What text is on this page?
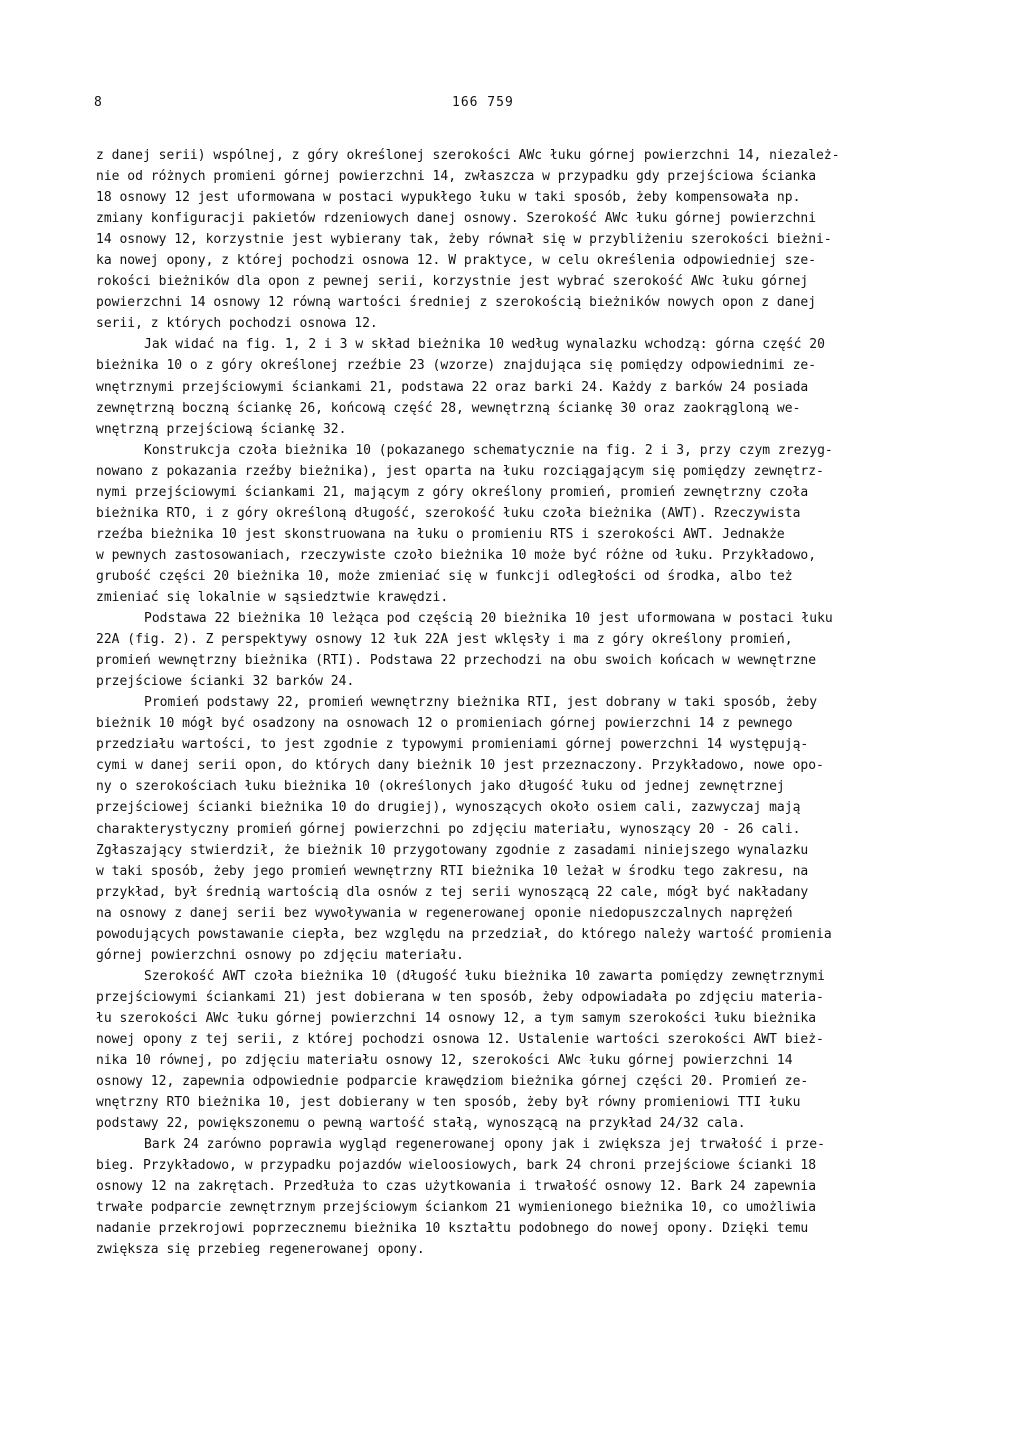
8	166 759
z danej serii) wspólnej, z góry określonej szerokości AWc łuku górnej powierzchni 14, niezależ-
nie od różnych promieni górnej powierzchni 14, zwłaszcza w przypadku gdy przejściowa ścianka
18 osnowy 12 jest uformowana w postaci wypukłego łuku w taki sposób, żeby kompensowała np.
zmiany konfiguracji pakietów rdzeniowych danej osnowy. Szerokość AWc łuku górnej powierzchni
14 osnowy 12, korzystnie jest wybierany tak, żeby równał się w przybliżeniu szerokości bieżni-
ka nowej opony, z której pochodzi osnowa 12. W praktyce, w celu określenia odpowiedniej sze-
rokości bieżników dla opon z pewnej serii, korzystnie jest wybrać szerokość AWc łuku górnej
powierzchni 14 osnowy 12 równą wartości średniej z szerokością bieżników nowych opon z danej
serii, z których pochodzi osnowa 12.
Jak widać na fig. 1, 2 i 3 w skład bieżnika 10 według wynalazku wchodzą: górna część 20
bieżnika 10 o z góry określonej rzeźbie 23 (wzorze) znajdująca się pomiędzy odpowiednimi ze-
wnętrznymi przejściowymi ściankami 21, podstawa 22 oraz barki 24. Każdy z barków 24 posiada
zewnętrzną boczną ściankę 26, końcową część 28, wewnętrzną ściankę 30 oraz zaokrągloną we-
wnętrzną przejściową ściankę 32.
Konstrukcja czoła bieżnika 10 (pokazanego schematycznie na fig. 2 i 3, przy czym zrezyg-
nowano z pokazania rzeźby bieżnika), jest oparta na łuku rozciągającym się pomiędzy zewnętrz-
nymi przejściowymi ściankami 21, mającym z góry określony promień, promień zewnętrzny czoła
bieżnika RTO, i z góry określoną długość, szerokość łuku czoła bieżnika (AWT). Rzeczywista
rzeźba bieżnika 10 jest skonstruowana na łuku o promieniu RTS i szerokości AWT. Jednakże
w pewnych zastosowaniach, rzeczywiste czoło bieżnika 10 może być różne od łuku. Przykładowo,
grubość części 20 bieżnika 10, może zmieniać się w funkcji odległości od środka, albo też
zmieniać się lokalnie w sąsiedztwie krawędzi.
Podstawa 22 bieżnika 10 leżąca pod częścią 20 bieżnika 10 jest uformowana w postaci łuku
22A (fig. 2). Z perspektywy osnowy 12 łuk 22A jest wklęsły i ma z góry określony promień,
promień wewnętrzny bieżnika (RTI). Podstawa 22 przechodzi na obu swoich końcach w wewnętrzne
przejściowe ścianki 32 barków 24.
Promień podstawy 22, promień wewnętrzny bieżnika RTI, jest dobrany w taki sposób, żeby
bieżnik 10 mógł być osadzony na osnowach 12 o promieniach górnej powierzchni 14 z pewnego
przedziału wartości, to jest zgodnie z typowymi promieniami górnej powerzchni 14 występują-
cymi w danej serii opon, do których dany bieżnik 10 jest przeznaczony. Przykładowo, nowe opo-
ny o szerokościach łuku bieżnika 10 (określonych jako długość łuku od jednej zewnętrznej
przejściowej ścianki bieżnika 10 do drugiej), wynoszących około osiem cali, zazwyczaj mają
charakterystyczny promień górnej powierzchni po zdjęciu materiału, wynoszący 20 - 26 cali.
Zgłaszający stwierdził, że bieżnik 10 przygotowany zgodnie z zasadami niniejszego wynalazku
w taki sposób, żeby jego promień wewnętrzny RTI bieżnika 10 leżał w środku tego zakresu, na
przykład, był średnią wartością dla osnów z tej serii wynoszącą 22 cale, mógł być nakładany
na osnowy z danej serii bez wywoływania w regenerowanej oponie niedopuszczalnych naprężeń
powodujących powstawanie ciepła, bez względu na przedział, do którego należy wartość promienia
górnej powierzchni osnowy po zdjęciu materiału.
Szerokość AWT czoła bieżnika 10 (długość łuku bieżnika 10 zawarta pomiędzy zewnętrznymi
przejściowymi ściankami 21) jest dobierana w ten sposób, żeby odpowiadała po zdjęciu materia-
łu szerokości AWc łuku górnej powierzchni 14 osnowy 12, a tym samym szerokości łuku bieżnika
nowej opony z tej serii, z której pochodzi osnowa 12. Ustalenie wartości szerokości AWT bież-
nika 10 równej, po zdjęciu materiału osnowy 12, szerokości AWc łuku górnej powierzchni 14
osnowy 12, zapewnia odpowiednie podparcie krawędziom bieżnika górnej części 20. Promień ze-
wnętrzny RTO bieżnika 10, jest dobierany w ten sposób, żeby był równy promieniowi TTI łuku
podstawy 22, powiększonemu o pewną wartość stałą, wynoszącą na przykład 24/32 cala.
Bark 24 zarówno poprawia wygląd regenerowanej opony jak i zwiększa jej trwałość i prze-
bieg. Przykładowo, w przypadku pojazdów wieloosiowych, bark 24 chroni przejściowe ścianki 18
osnowy 12 na zakrętach. Przedłuża to czas użytkowania i trwałość osnowy 12. Bark 24 zapewnia
trwałe podparcie zewnętrznym przejściowym ściankom 21 wymienionego bieżnika 10, co umożliwia
nadanie przekrojowi poprzecznemu bieżnika 10 kształtu podobnego do nowej opony. Dzięki temu
zwiększa się przebieg regenerowanej opony.
